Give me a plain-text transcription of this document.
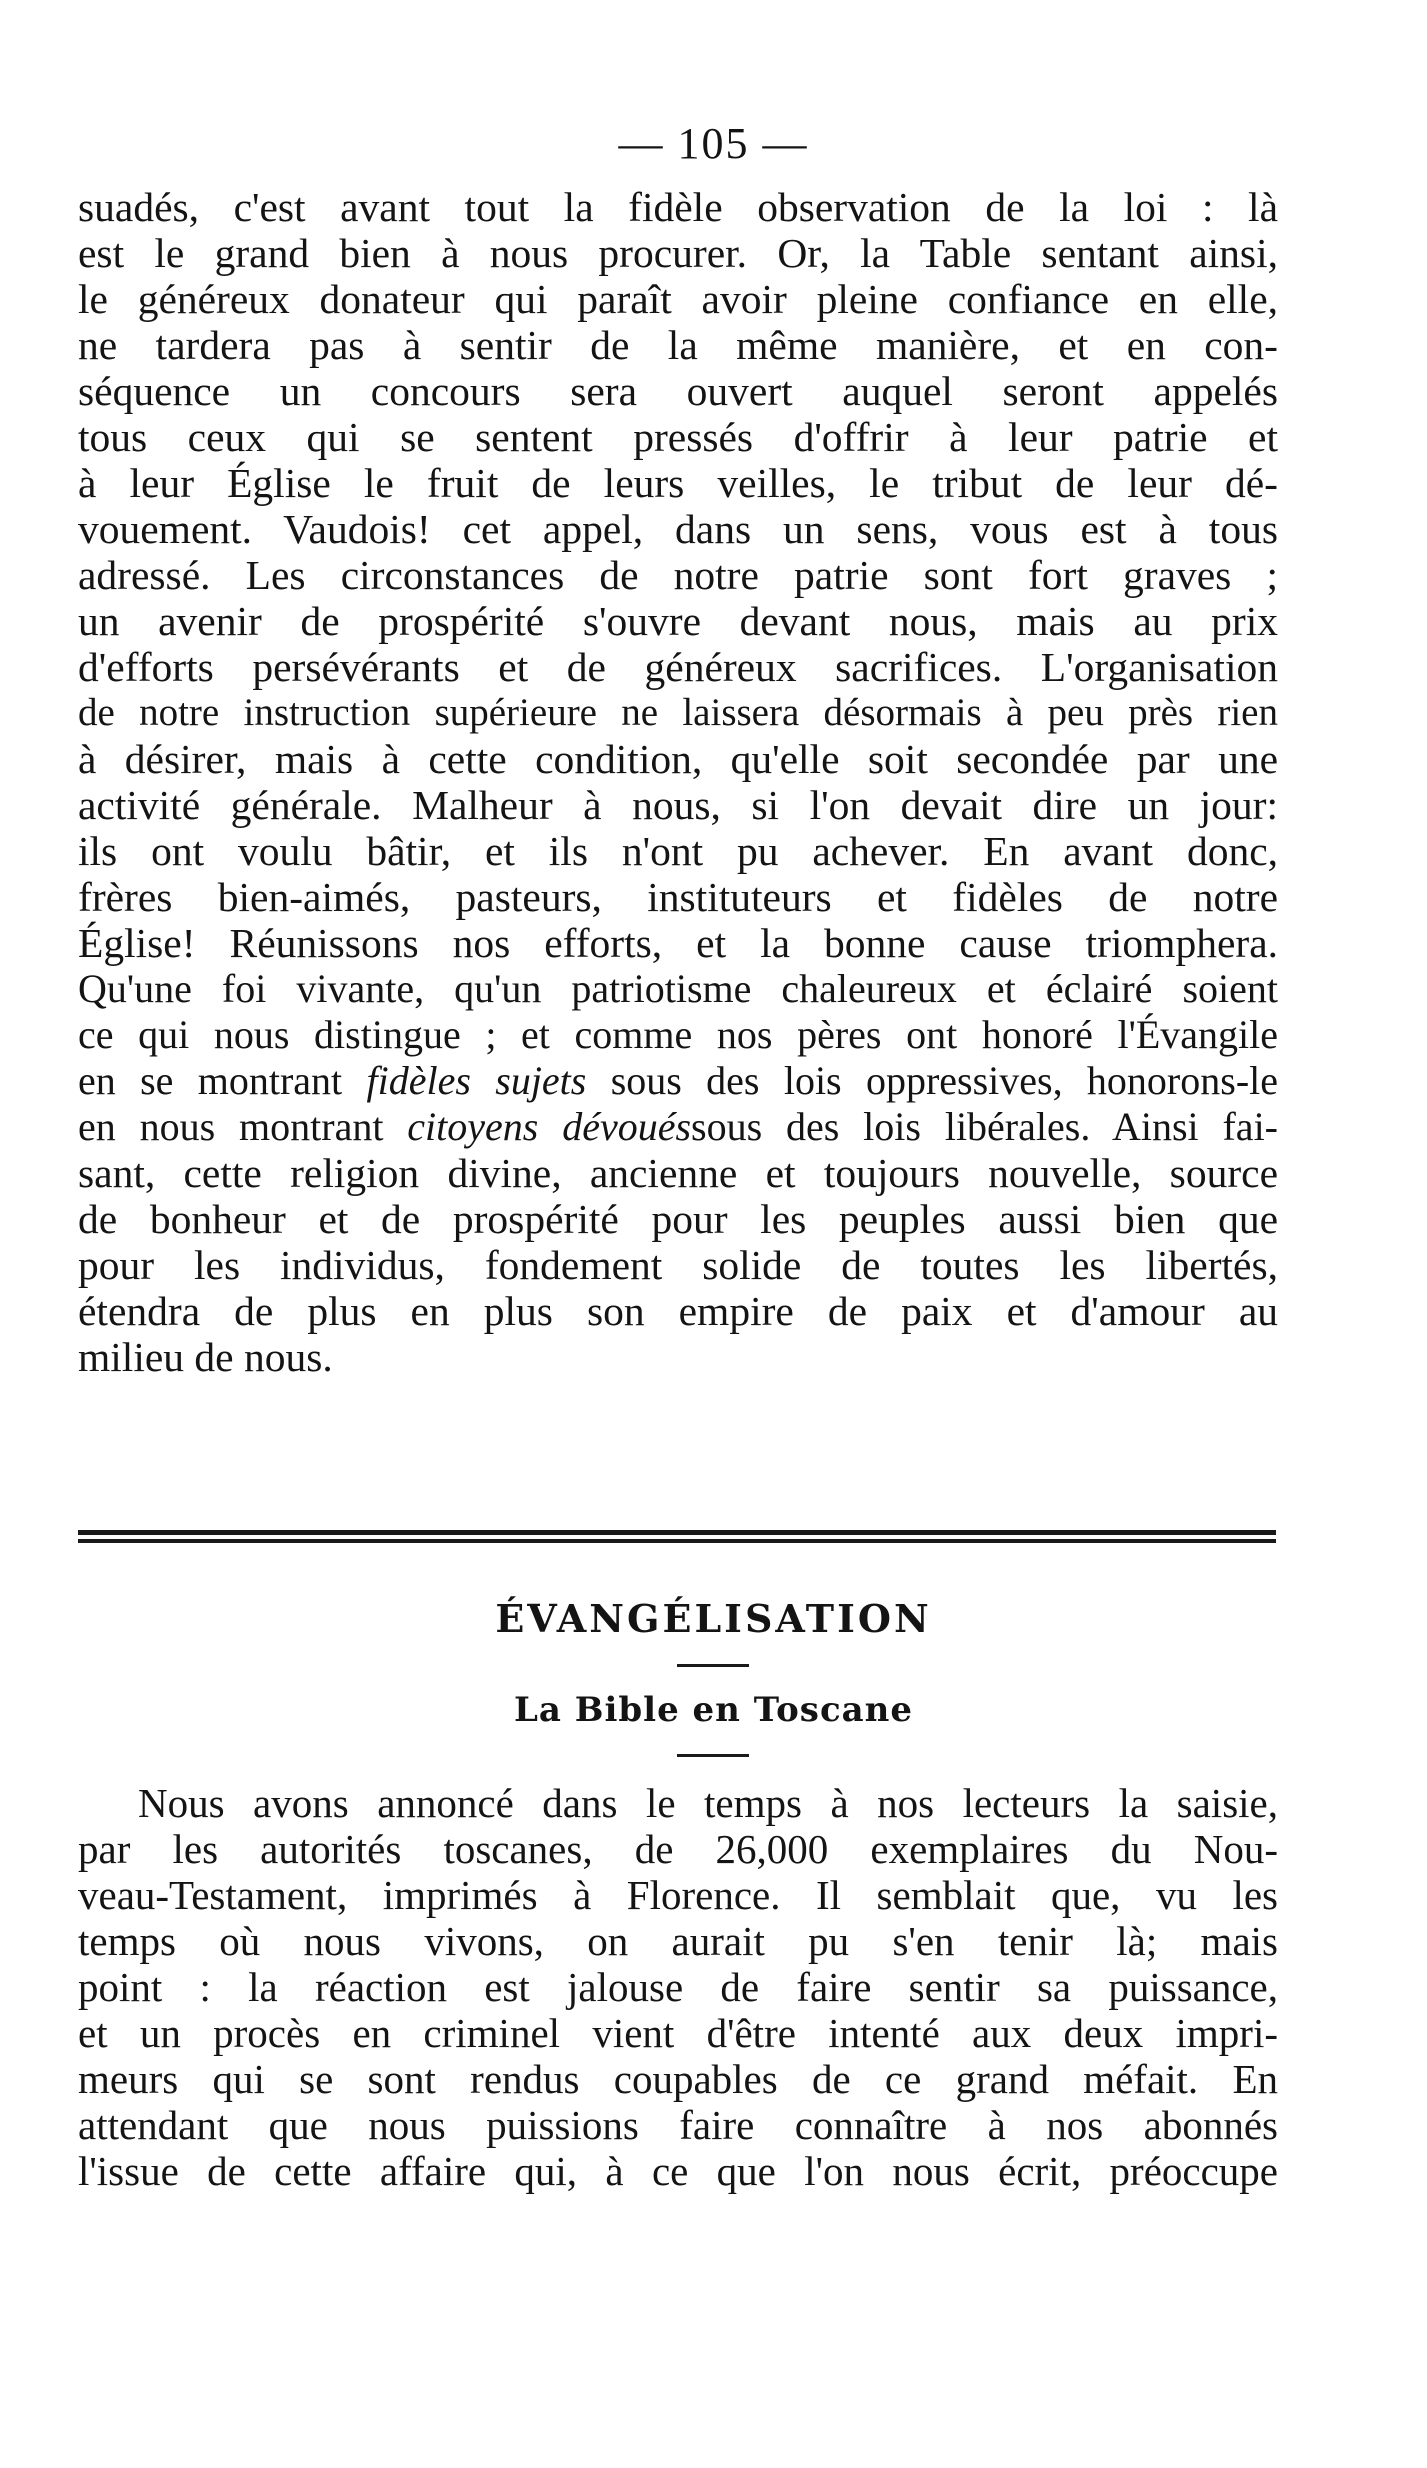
— 105 —
suadés, c'est avant tout la fidèle observation de la loi : là
est le grand bien à nous procurer. Or, la Table sentant ainsi,
le généreux donateur qui paraît avoir pleine confiance en elle,
ne tardera pas à sentir de la même manière, et en con-
séquence un concours sera ouvert auquel seront appelés
tous ceux qui se sentent pressés d'offrir à leur patrie et
à leur Église le fruit de leurs veilles, le tribut de leur dé-
vouement. Vaudois! cet appel, dans un sens, vous est à tous
adressé. Les circonstances de notre patrie sont fort graves ;
un avenir de prospérité s'ouvre devant nous, mais au prix
d'efforts persévérants et de généreux sacrifices. L'organisation
de notre instruction supérieure ne laissera désormais à peu près rien
à désirer, mais à cette condition, qu'elle soit secondée par une
activité générale. Malheur à nous, si l'on devait dire un jour:
ils ont voulu bâtir, et ils n'ont pu achever. En avant donc,
frères bien-aimés, pasteurs, instituteurs et fidèles de notre
Église! Réunissons nos efforts, et la bonne cause triomphera.
Qu'une foi vivante, qu'un patriotisme chaleureux et éclairé soient
ce qui nous distingue ; et comme nos pères ont honoré l'Évangile
en se montrant fidèles sujets sous des lois oppressives, honorons-le
en nous montrant citoyens dévouéssous des lois libérales. Ainsi fai-
sant, cette religion divine, ancienne et toujours nouvelle, source
de bonheur et de prospérité pour les peuples aussi bien que
pour les individus, fondement solide de toutes les libertés,
étendra de plus en plus son empire de paix et d'amour au
milieu de nous.
ÉVANGÉLISATION
La Bible en Toscane
Nous avons annoncé dans le temps à nos lecteurs la saisie,
par les autorités toscanes, de 26,000 exemplaires du Nou-
veau-Testament, imprimés à Florence. Il semblait que, vu les
temps où nous vivons, on aurait pu s'en tenir là; mais
point : la réaction est jalouse de faire sentir sa puissance,
et un procès en criminel vient d'être intenté aux deux impri-
meurs qui se sont rendus coupables de ce grand méfait. En
attendant que nous puissions faire connaître à nos abonnés
l'issue de cette affaire qui, à ce que l'on nous écrit, préoccupe
